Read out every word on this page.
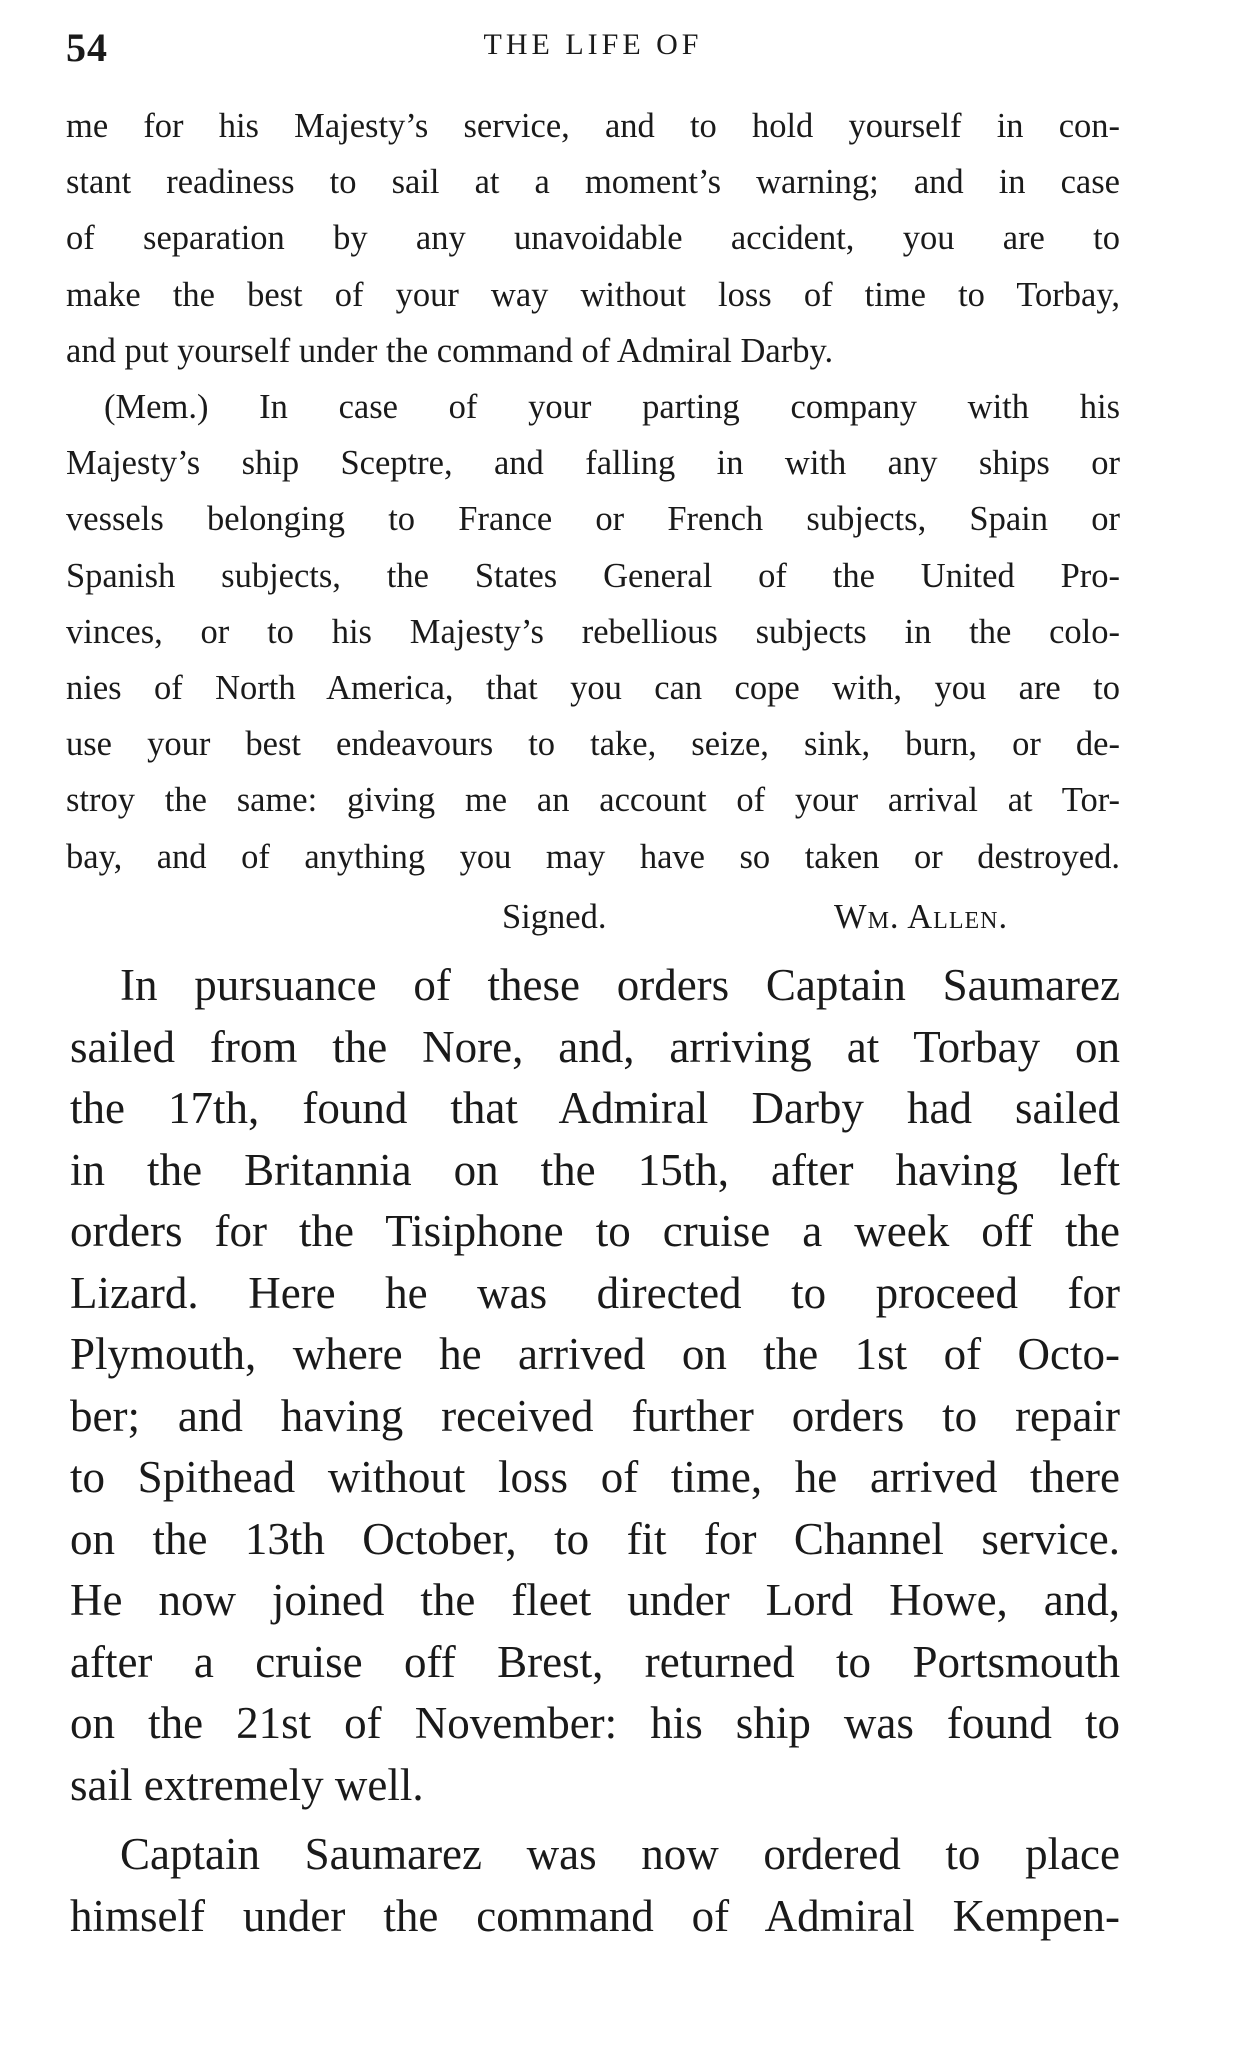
54	THE LIFE OF
me for his Majesty’s service, and to hold yourself in con-
stant readiness to sail at a moment’s warning; and in case
of separation by any unavoidable accident, you are to
make the best of your way without loss of time to Torbay,
and put yourself under the command of Admiral Darby.
(Mem.) In case of your parting company with his
Majesty’s ship Sceptre, and falling in with any ships or
vessels belonging to France or French subjects, Spain or
Spanish subjects, the States General of the United Pro-
vinces, or to his Majesty’s rebellious subjects in the colo-
nies of North America, that you can cope with, you are to
use your best endeavours to take, seize, sink, burn, or de-
stroy the same: giving me an account of your arrival at Tor-
bay, and of anything you may have so taken or destroyed.
Signed.	Wm. Allen.
In pursuance of these orders Captain Saumarez
sailed from the Nore, and, arriving at Torbay on
the 17th, found that Admiral Darby had sailed
in the Britannia on the 15th, after having left
orders for the Tisiphone to cruise a week off the
Lizard. Here he was directed to proceed for
Plymouth, where he arrived on the 1st of Octo-
ber; and having received further orders to repair
to Spithead without loss of time, he arrived there
on the 13th October, to fit for Channel service.
He now joined the fleet under Lord Howe, and,
after a cruise off Brest, returned to Portsmouth
on the 21st of November: his ship was found to
sail extremely well.
Captain Saumarez was now ordered to place
himself under the command of Admiral Kempen-
